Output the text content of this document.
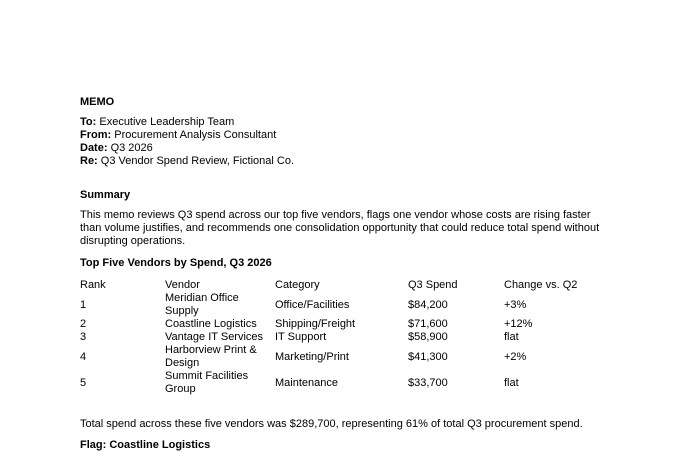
MEMO
To: Executive Leadership Team
From: Procurement Analysis Consultant
Date: Q3 2026
Re: Q3 Vendor Spend Review, Fictional Co.
Summary
This memo reviews Q3 spend across our top five vendors, flags one vendor whose costs are rising faster than volume justifies, and recommends one consolidation opportunity that could reduce total spend without disrupting operations.
Top Five Vendors by Spend, Q3 2026
Rank	Vendor	Category	Q3 Spend	Change vs. Q2
1	Meridian Office Supply	Office/Facilities	$84,200	+3%
2	Coastline Logistics	Shipping/Freight	$71,600	+12%
3	Vantage IT Services	IT Support	$58,900	flat
4	Harborview Print & Design	Marketing/Print	$41,300	+2%
5	Summit Facilities Group	Maintenance	$33,700	flat
Total spend across these five vendors was $289,700, representing 61% of total Q3 procurement spend.
Flag: Coastline Logistics
